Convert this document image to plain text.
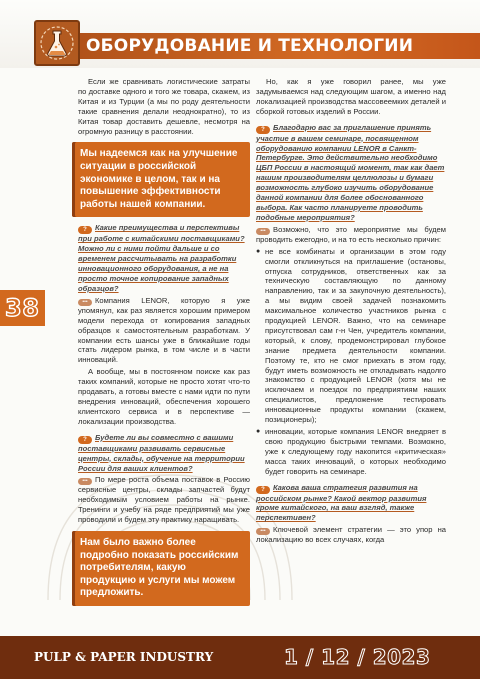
ОБОРУДОВАНИЕ И ТЕХНОЛОГИИ
38

Если же сравнивать логистические затраты по доставке одного и того же товара, скажем, из Китая и из Турции (а мы по роду деятельности такие сравнения делали неоднократно), то из Китая товар доставить дешевле, несмотря на огромную разницу в расстоянии.

Мы надеемся как на улучшение ситуации в российской экономике в целом, так и на повышение эффективности работы нашей компании.
? Какие преимущества и перспективы при работе с китайскими поставщиками? Можно ли с ними пойти дальше и со временем рассчитывать на разработки инновационного оборудования, а не на просто точное копирование западных образцов?

••• Компания LENOR, которую я уже упомянул, как раз является хорошим примером модели перехода от копирования западных образцов к самостоятельным разработкам. У компании есть шансы уже в ближайшие годы стать лидером рынка, в том числе и в части инноваций.

А вообще, мы в постоянном поиске как раз таких компаний, которые не просто хотят что-то продавать, а готовы вместе с нами идти по пути внедрения инноваций, обеспечения хорошего клиентского сервиса и в перспективе — локализации производства.

? Будете ли вы совместно с вашими поставщиками развивать сервисные центры, склады, обучение на территории России для ваших клиентов?

••• По мере роста объема поставок в Россию сервисные центры, склады запчастей будут необходимым условием работы на рынке. Тренинги и учебу на ряде предприятий мы уже проводили и будем эту практику наращивать.

Нам было важно более подробно показать российским потребителям, какую продукцию и услуги мы можем предложить.

Но, как я уже говорил ранее, мы уже задумываемся над следующим шагом, а именно над локализацией производства массовеемких деталей и сборкой готовых изделий в России.

? Благодарю вас за приглашение принять участие в вашем семинаре, посвященном оборудованию компании LENOR в Санкт-Петербурге. Это действительно необходимо ЦБП России в настоящий момент, так как дает нашим производителям целлюлозы и бумаги возможность глубоко изучить оборудование данной компании для более обоснованного выбора. Как часто планируете проводить подобные мероприятия?

••• Возможно, что это мероприятие мы будем проводить ежегодно, и на то есть несколько причин:

● не все комбинаты и организации в этом году смогли откликнуться на приглашение (остановы, отпуска сотрудников, ответственных как за техническую составляющую по данному направлению, так и за закупочную деятельность), а мы видим своей задачей познакомить максимальное количество участников рынка с продукцией LENOR. Важно, что на семинаре присутствовал сам г-н Чен, учредитель компании, который, к слову, продемонстрировал глубокое знание предмета деятельности компании. Поэтому те, кто не смог приехать в этом году, будут иметь возможность не откладывать надолго знакомство с продукцией LENOR (хотя мы не исключаем и поездок по предприятиям наших специалистов, предложение тестировать инновационные продукты компании (скажем, позиционеры);
● инновации, которые компания LENOR внедряет в свою продукцию быстрыми темпами. Возможно, уже к следующему году накопится «критическая» масса таких инноваций, о которых необходимо будет говорить на семинаре.
? Какова ваша стратегия развития на российском рынке? Какой вектор развития кроме китайского, на ваш взгляд, также перспективен?

••• Ключевой элемент стратегии — это упор на локализацию во всех случаях, когда

PULP & PAPER INDUSTRY	1 / 12 / 2023
